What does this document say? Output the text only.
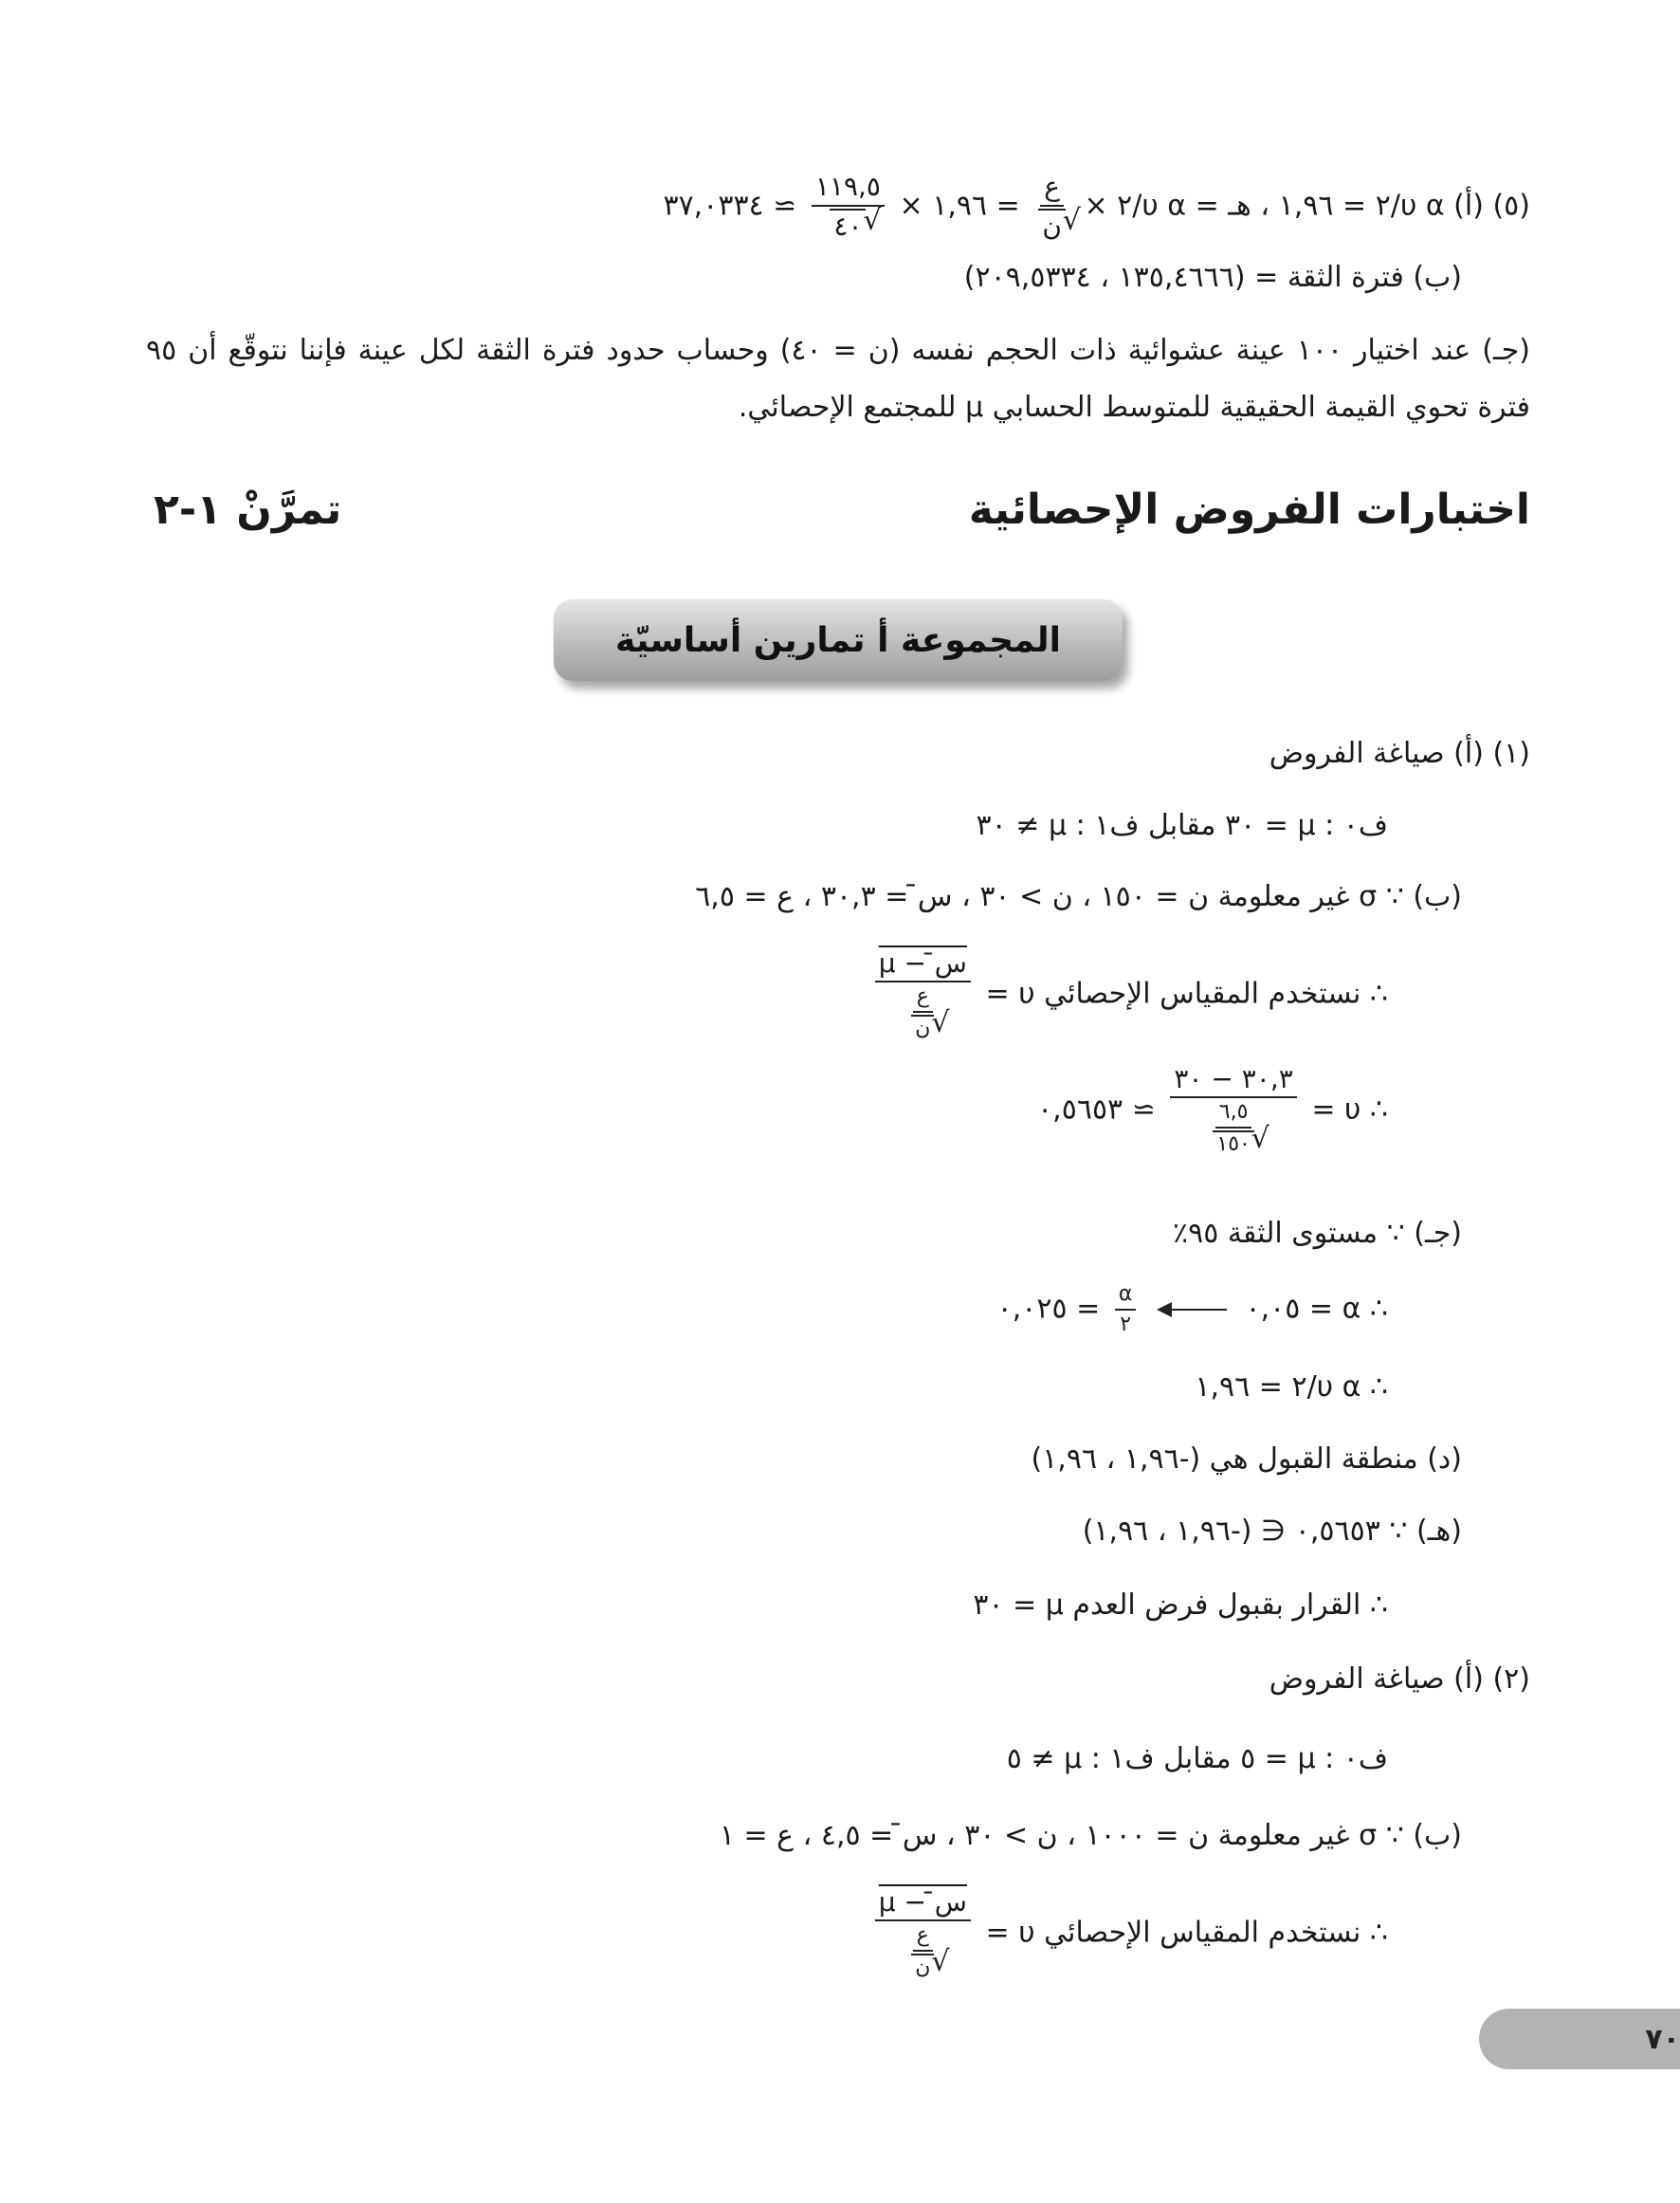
(٥) (أ) υ α/٢ = ١,٩٦ ، هـ = υ α/٢ ×
$\frac{\text{ع}}{\text{ن}}$ √
= ١,٩٦ ×
$\frac{١١٩,٥}{٤٠}$ √
≃ ٣٧,٠٣٣٤
(ب) فترة الثقة = (١٣٥,٤٦٦٦ ، ٢٠٩,٥٣٣٤)
(جـ) عند اختيار ١٠٠ عينة عشوائية ذات الحجم نفسه (ن = ٤٠) وحساب حدود فترة الثقة لكل عينة فإننا نتوقّع أن ٩٥ فترة تحوي القيمة الحقيقية للمتوسط الحسابي μ للمجتمع الإحصائي.
اختبارات الفروض الإحصائية
تمرَّنْ ١-٢
المجموعة أ تمارين أساسيّة
(١) (أ) صياغة الفروض
ف٠ : μ = ٣٠ مقابل ف١ : μ ≠ ٣٠
(ب) ∵ σ غير معلومة ن = ١٥٠ ، ن > ٣٠ ، س̄ = ٣٠,٣ ، ع = ٦,٥
∴ نستخدم المقياس الإحصائي υ =
$\frac{\text{س̄ − μ}}{\frac{\text{ع}}{\text{ن}}}$ √
∴ υ =
$\frac{٣٠,٣ - ٣٠}{\frac{٦,٥}{١٥٠}}$ √
≃ ٠,٥٦٥٣
(جـ) ∵ مستوى الثقة ٩٥٪
∴ α = ٠,٠٥
$\frac{\alpha}{٢}$
= ٠,٠٢٥
∴ υ α/٢ = ١,٩٦
(د) منطقة القبول هي (-١,٩٦ ، ١,٩٦)
(هـ) ∵ ٠,٥٦٥٣ ∈ (-١,٩٦ ، ١,٩٦)
∴ القرار بقبول فرض العدم μ = ٣٠
(٢) (أ) صياغة الفروض
ف٠ : μ = ٥ مقابل ف١ : μ ≠ ٥
(ب) ∵ σ غير معلومة ن = ١٠٠٠ ، ن > ٣٠ ، س̄ = ٤,٥ ، ع = ١
∴ نستخدم المقياس الإحصائي υ =
$\frac{\text{س̄ − μ}}{\frac{\text{ع}}{\text{ن}}}$ √
٧٠
